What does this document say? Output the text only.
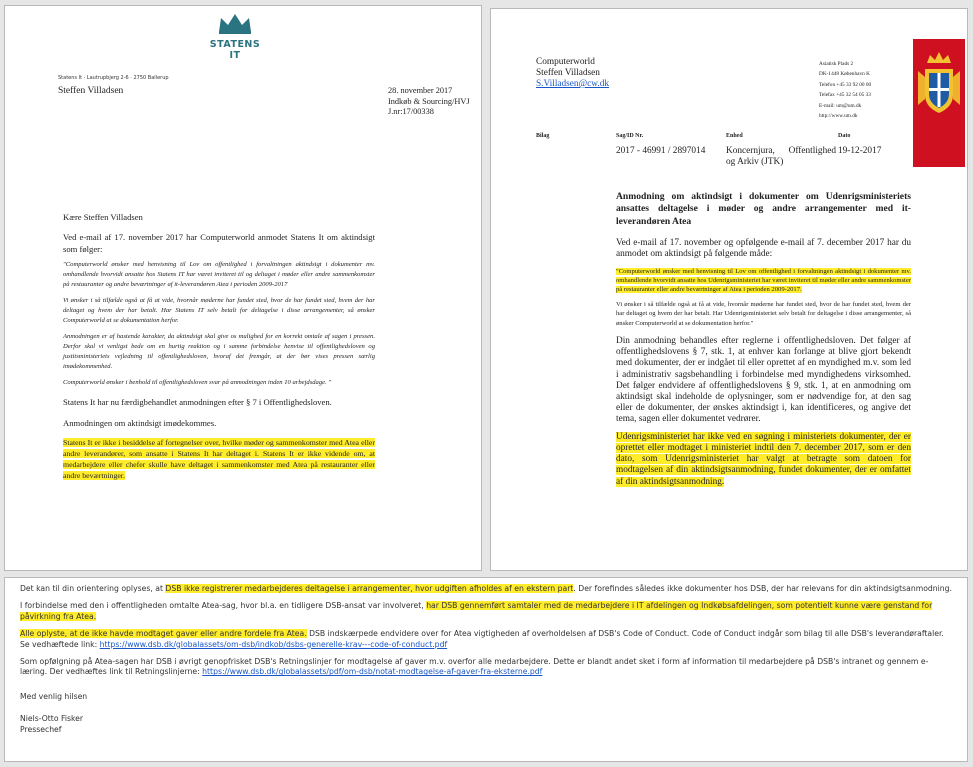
STATENS IT
Statens It · Lautrupbjerg 2-6 · 2750 Ballerup
Steffen Villadsen	28. november 2017
Indkøb & Sourcing/HVJ
J.nr:17/00338

Kære Steffen Villadsen

Ved e-mail af 17. november 2017 har Computerworld anmodet Statens It om aktindsigt som følger:

"Computerworld ønsker med henvisning til Lov om offentlighed i forvaltningen aktindsigt i dokumenter mv. omhandlende hvorvidt ansatte hos Statens IT har været inviteret til og deltaget i møder eller andre sammenkomster på restauranter og andre beværtninger af it-leverandøren Atea i perioden 2009-2017

Vi ønsker i så tilfælde også at få at vide, hvornår møderne har fundet sted, hvor de har fundet sted, hvem der har deltaget og hvem der har betalt. Har Statens IT selv betalt for deltagelse i disse arrangementer, så ønsker Computerworld at se dokumentation herfor.

Anmodningen er af hastende karakter, da aktindsigt skal give os mulighed for en korrekt omtale af sagen i pressen. Derfor skal vi venligst bede om en hurtig reaktion og i samme forbindelse henvise til offentlighedsloven og justitsministeriets vejledning til offentlighedsloven, hvoraf det fremgår, at der bør vises pressen særlig imødekommenhed.

Computerworld ønsker i benhold til offentlighedsloven svar på anmodningen inden 10 arbejdsdage. "

Statens It har nu færdigbehandlet anmodningen efter § 7 i Offentlighedsloven.

Anmodningen om aktindsigt imødekommes.

Statens It er ikke i besiddelse af fortegnelser over, hvilke møder og sammenkomster med Atea eller andre leverandører, som ansatte i Statens It har deltaget i. Statens It er ikke vidende om, at medarbejdere eller chefer skulle have deltaget i sammenkomster med Atea på restauranter eller andre beværtninger.

Computerworld
Steffen Villadsen
S.Villadsen@cw.dk
Asiatisk Plads 2
DK-1448 København K
Telefon +45 33 92 00 00
Telefax +45 32 54 05 33
E-mail: um@um.dk
http://www.um.dk
Bilag	Sag/ID Nr.
2017 - 46991 / 2897014
Enhed
Koncernjura, Offentlighed og Arkiv (JTK)
Dato
19-12-2017

Anmodning om aktindsigt i dokumenter om Udenrigsministeriets ansattes deltagelse i møder og andre arrangementer med it-leverandøren Atea

Ved e-mail af 17. november og opfølgende e-mail af 7. december 2017 har du anmodet om aktindsigt på følgende måde:

"Computerworld ønsker med henvisning til Lov om offentlighed i forvaltningen aktindsigt i dokumenter mv. omhandlende hvorvidt ansatte hos Udenrigsministeriet har været inviteret til møder eller andre sammenkomster på restauranter eller andre beværtninger af Atea i perioden 2009-2017.

Vi ønsker i så tilfælde også at få at vide, hvornår møderne har fundet sted, hvor de har fundet sted, hvem der har deltaget og hvem der har betalt. Har Udenrigsministeriet selv betalt for deltagelse i disse arrangementer, så ønsker Computerworld at se dokumentation herfor."

Din anmodning behandles efter reglerne i offentlighedsloven. Det følger af offentlighedslovens § 7, stk. 1, at enhver kan forlange at blive gjort bekendt med dokumenter, der er indgået til eller oprettet af en myndighed m.v. som led i administrativ sagsbehandling i forbindelse med myndighedens virksomhed. Det følger endvidere af offentlighedslovens § 9, stk. 1, at en anmodning om aktindsigt skal indeholde de oplysninger, som er nødvendige for, at den sag eller de dokumenter, der ønskes aktindsigt i, kan identificeres, og angive det tema, sagen eller dokumentet vedrører.

Udenrigsministeriet har ikke ved en søgning i ministeriets dokumenter, der er oprettet eller modtaget i ministeriet indtil den 7. december 2017, som er den dato, som Udenrigsministeriet har valgt at betragte som datoen for modtagelsen af din aktindsigtsanmodning, fundet dokumenter, der er omfattet af din aktindsigtsanmodning.

Det kan til din orientering oplyses, at DSB ikke registrerer medarbejderes deltagelse i arrangementer, hvor udgiften afholdes af en ekstern part. Der forefindes således ikke dokumenter hos DSB, der har relevans for din aktindsigtsanmodning.

I forbindelse med den i offentligheden omtalte Atea-sag, hvor bl.a. en tidligere DSB-ansat var involveret, har DSB gennemført samtaler med de medarbejdere i IT afdelingen og Indkøbsafdelingen, som potentielt kunne være genstand for påvirkning fra Atea.

Alle oplyste, at de ikke havde modtaget gaver eller andre fordele fra Atea. DSB indskærpede endvidere over for Atea vigtigheden af overholdelsen af DSB's Code of Conduct. Code of Conduct indgår som bilag til alle DSB's leverandøraftaler. Se vedhæftede link: https://www.dsb.dk/globalassets/om-dsb/indkob/dsbs-generelle-krav---code-of-conduct.pdf

Som opfølgning på Atea-sagen har DSB i øvrigt genopfrisket DSB's Retningslinjer for modtagelse af gaver m.v. overfor alle medarbejdere. Dette er blandt andet sket i form af information til medarbejdere på DSB's intranet og gennem e-læring. Der vedhæftes link til Retningslinjerne: https://www.dsb.dk/globalassets/pdf/om-dsb/notat-modtagelse-af-gaver-fra-eksterne.pdf

Med venlig hilsen

Niels-Otto Fisker

Pressechef
